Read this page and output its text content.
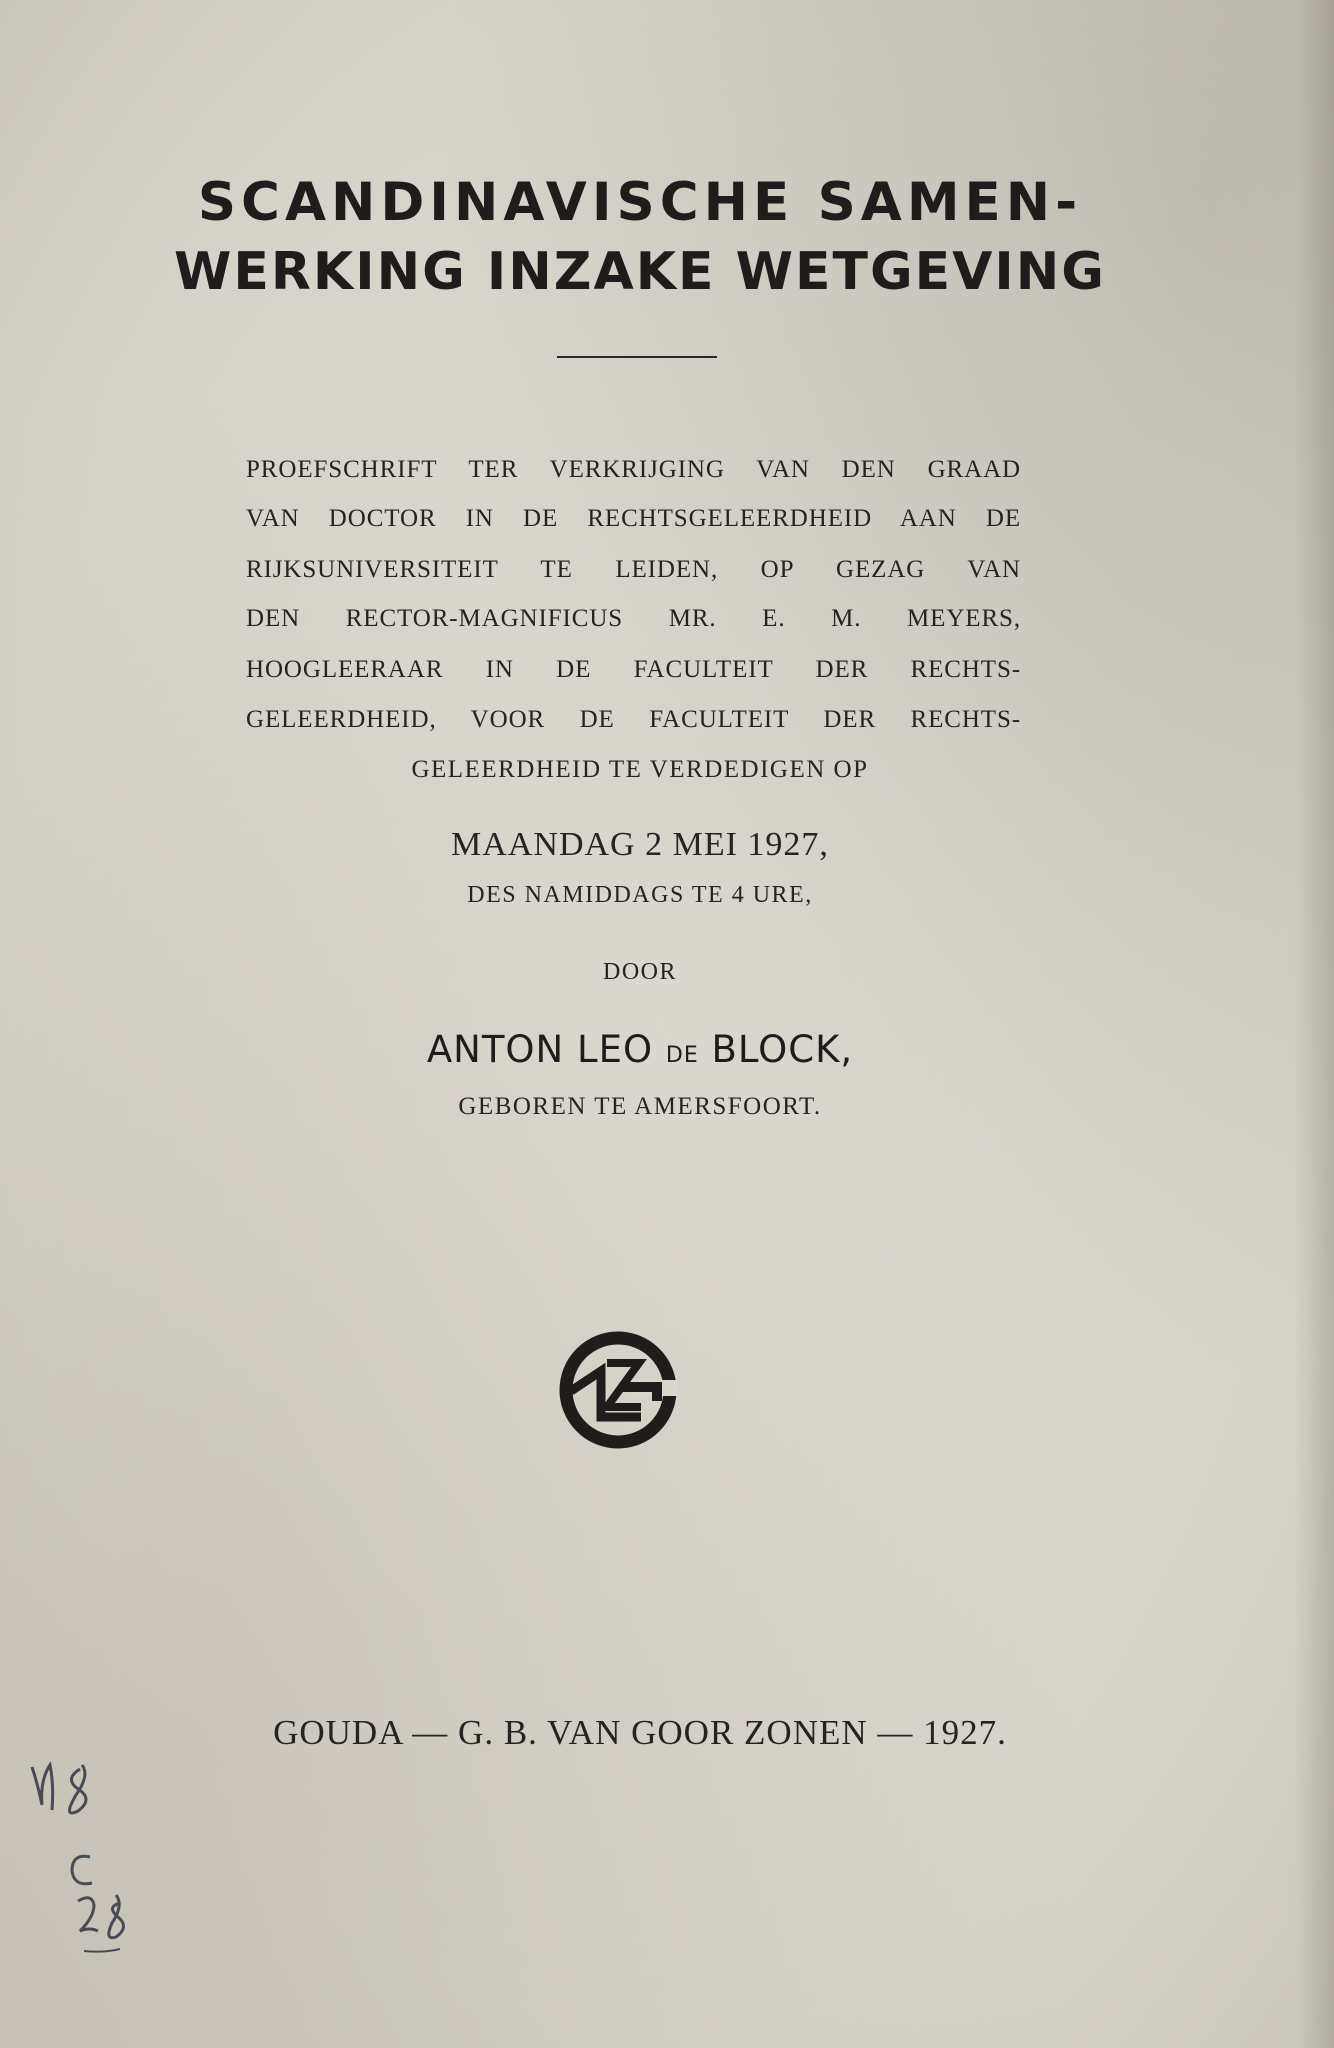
SCANDINAVISCHE SAMEN-
WERKING INZAKE WETGEVING

PROEFSCHRIFT TER VERKRIJGING VAN DEN GRAAD

VAN DOCTOR IN DE RECHTSGELEERDHEID AAN DE

RIJKSUNIVERSITEIT TE LEIDEN, OP GEZAG VAN

DEN RECTOR-MAGNIFICUS MR. E. M. MEYERS,

HOOGLEERAAR IN DE FACULTEIT DER RECHTS-

GELEERDHEID, VOOR DE FACULTEIT DER RECHTS-

GELEERDHEID TE VERDEDIGEN OP

MAANDAG 2 MEI 1927,

DES NAMIDDAGS TE 4 URE,

DOOR

ANTON LEO DE BLOCK,

GEBOREN TE AMERSFOORT.

GOUDA — G. B. VAN GOOR ZONEN — 1927.
